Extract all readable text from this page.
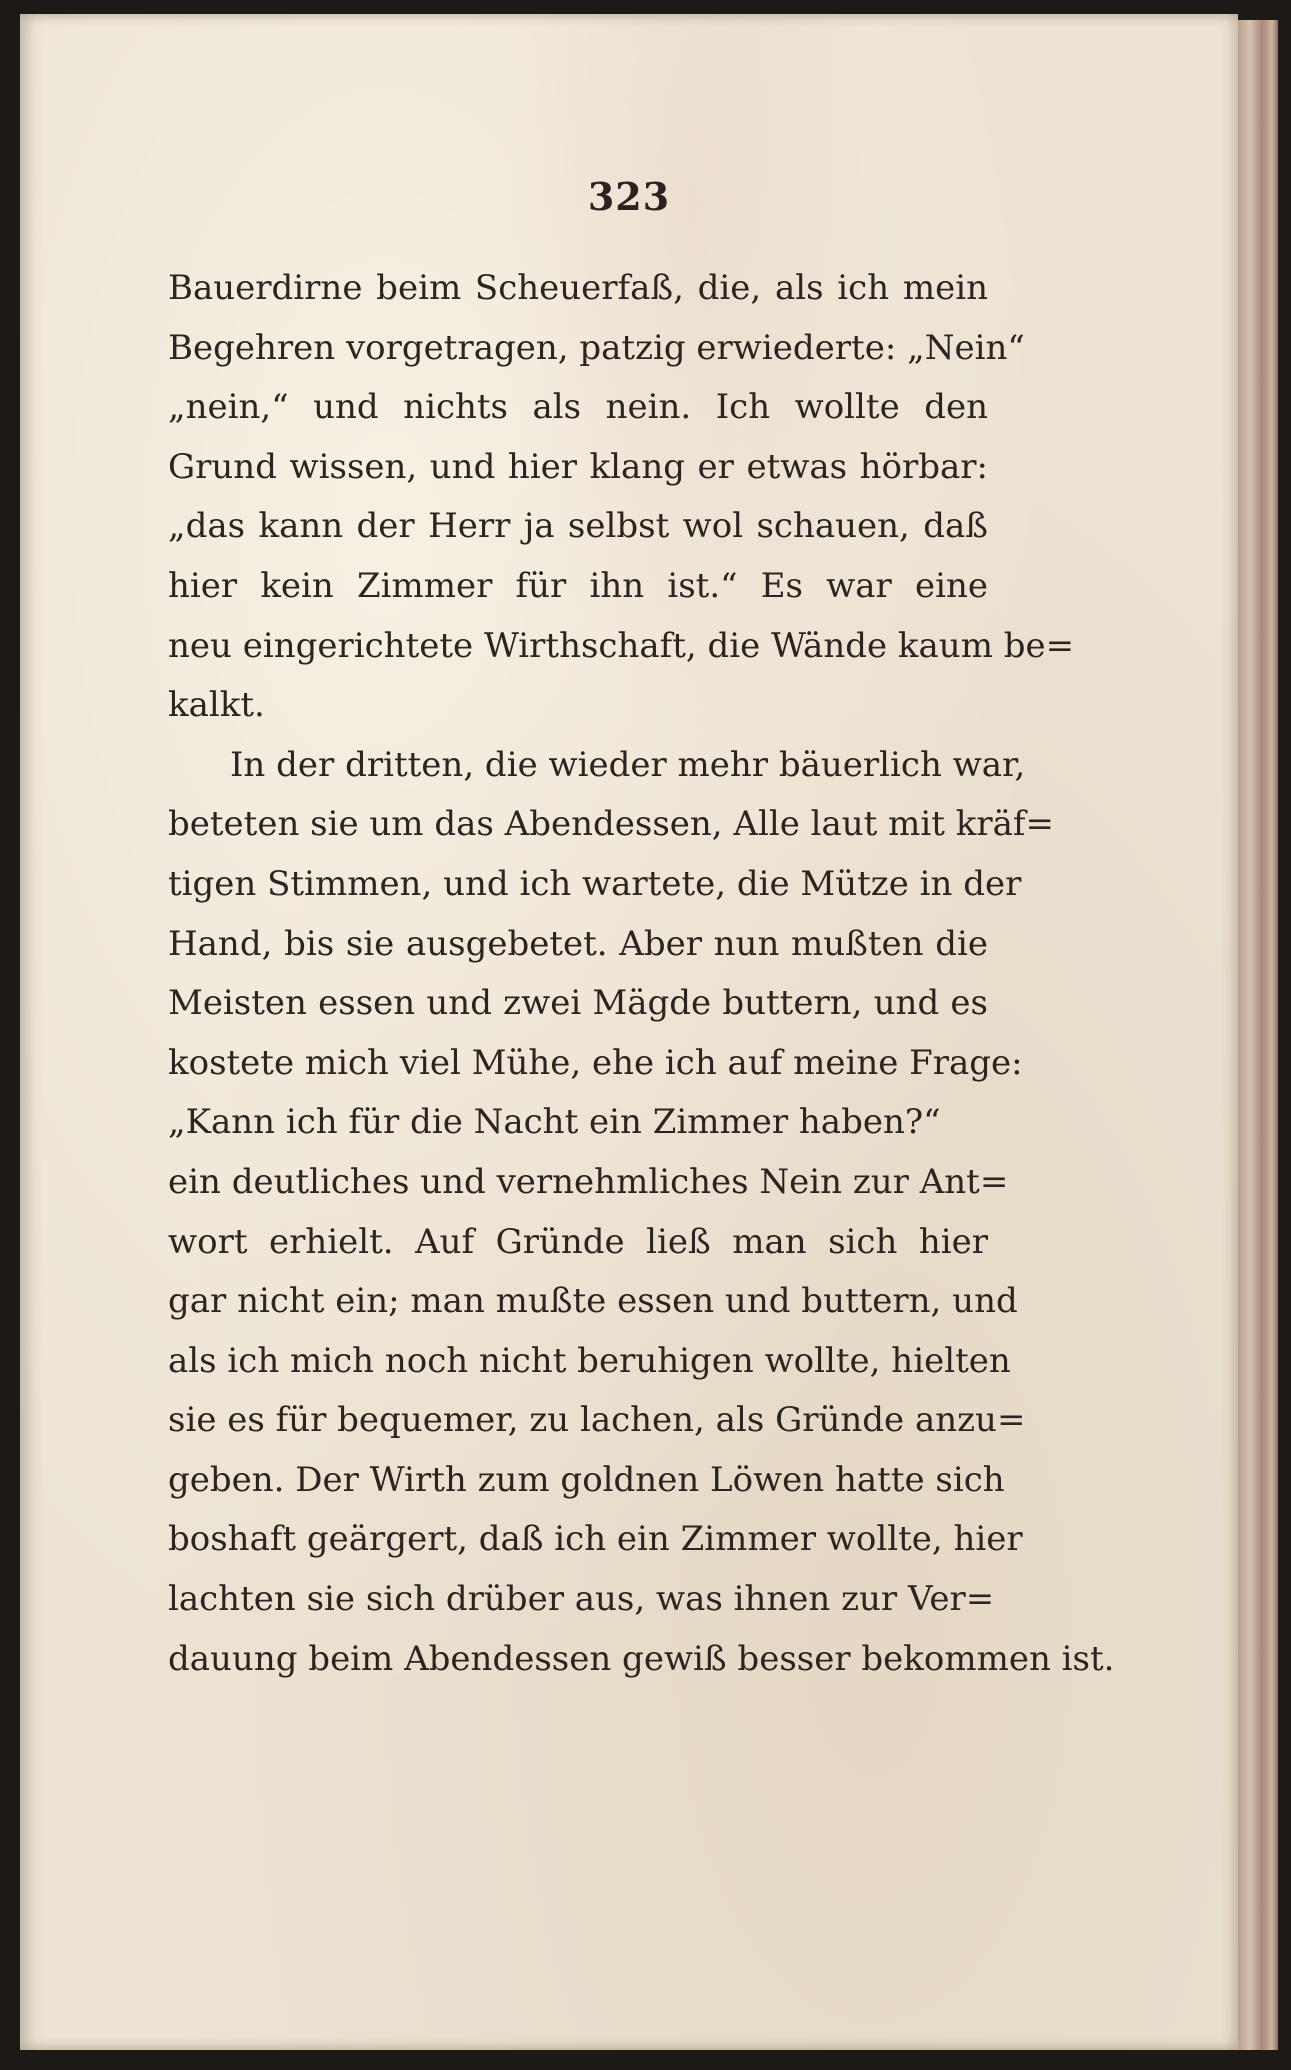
323
Bauerdirne beim Scheuerfaß, die, als ich mein
Begehren vorgetragen, patzig erwiederte: „Nein“
„nein,“ und nichts als nein. Ich wollte den
Grund wissen, und hier klang er etwas hörbar:
„das kann der Herr ja selbst wol schauen, daß
hier kein Zimmer für ihn ist.“ Es war eine
neu eingerichtete Wirthschaft, die Wände kaum be=
kalkt.
In der dritten, die wieder mehr bäuerlich war,
beteten sie um das Abendessen, Alle laut mit kräf=
tigen Stimmen, und ich wartete, die Mütze in der
Hand, bis sie ausgebetet. Aber nun mußten die
Meisten essen und zwei Mägde buttern, und es
kostete mich viel Mühe, ehe ich auf meine Frage:
„Kann ich für die Nacht ein Zimmer haben?“
ein deutliches und vernehmliches Nein zur Ant=
wort erhielt. Auf Gründe ließ man sich hier
gar nicht ein; man mußte essen und buttern, und
als ich mich noch nicht beruhigen wollte, hielten
sie es für bequemer, zu lachen, als Gründe anzu=
geben. Der Wirth zum goldnen Löwen hatte sich
boshaft geärgert, daß ich ein Zimmer wollte, hier
lachten sie sich drüber aus, was ihnen zur Ver=
dauung beim Abendessen gewiß besser bekommen ist.
